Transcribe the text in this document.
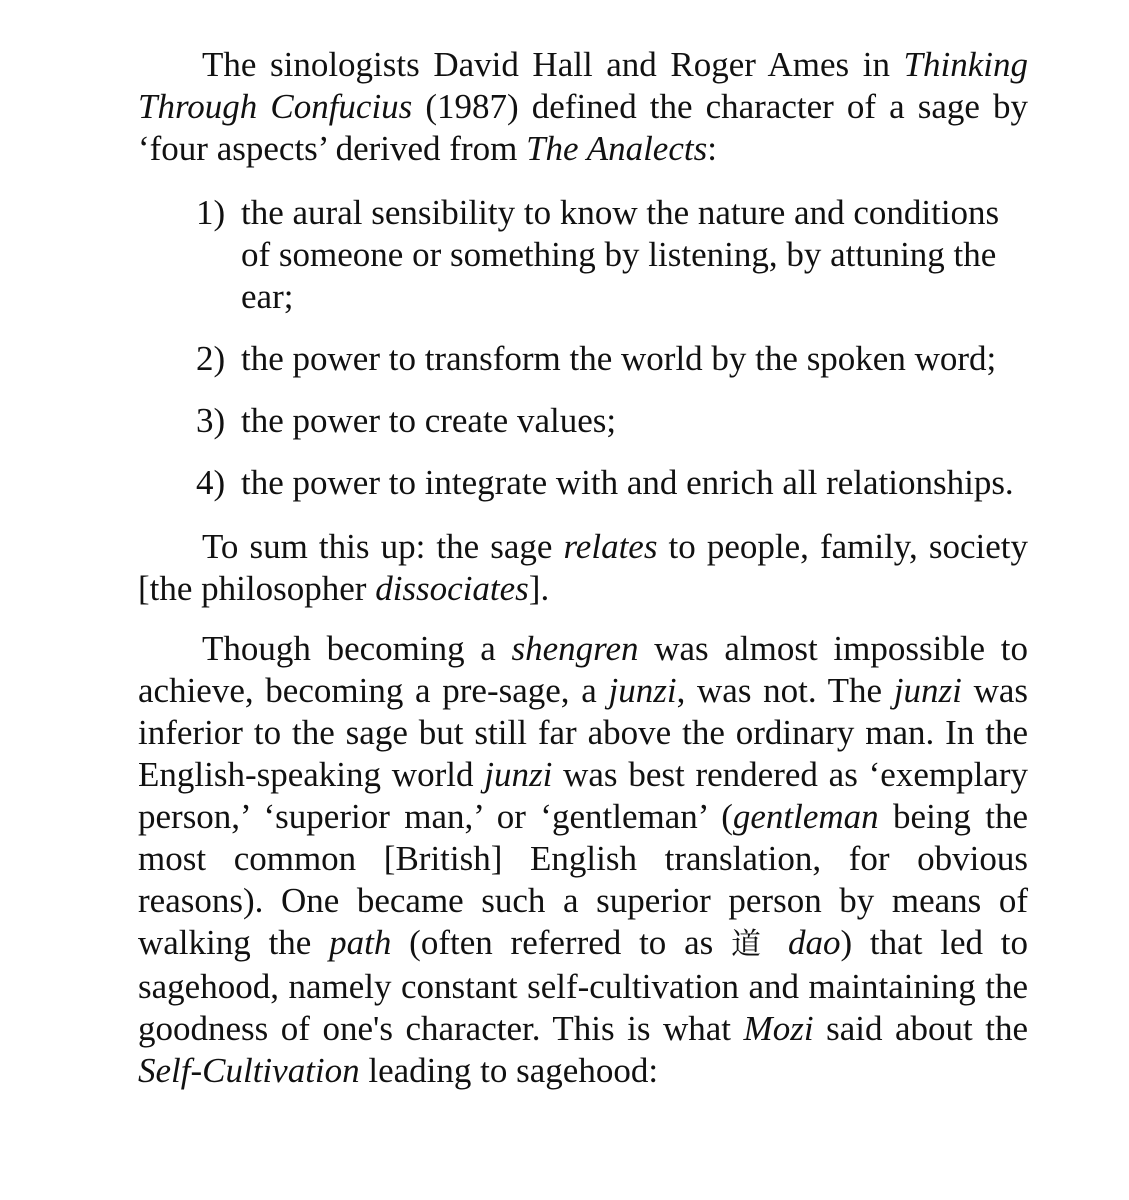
The sinologists David Hall and Roger Ames in Thinking Through Confucius (1987) defined the character of a sage by ‘four aspects’ derived from The Analects:

1) the aural sensibility to know the nature and conditions of someone or something by listening, by attuning the ear;
2) the power to transform the world by the spoken word;
3) the power to create values;
4) the power to integrate with and enrich all relationships.

To sum this up: the sage relates to people, family, society [the philosopher dissociates].

Though becoming a shengren was almost impossible to achieve, becoming a pre-sage, a junzi, was not. The junzi was inferior to the sage but still far above the ordinary man. In the English-speaking world junzi was best rendered as ‘exemplary person,’ ‘superior man,’ or ‘gentleman’ (gentleman being the most common [British] English translation, for obvious reasons). One became such a superior person by means of walking the path (often referred to as 道 dao) that led to sagehood, namely constant self-cultivation and maintaining the goodness of one's character. This is what Mozi said about the Self-Cultivation leading to sagehood:
